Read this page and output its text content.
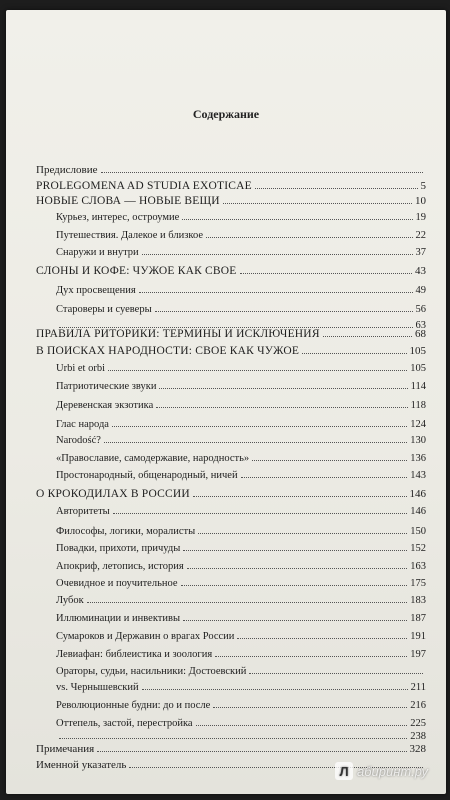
Содержание
Предисловие
PROLEGOMENA AD STUDIA EXOTICAE	5
НОВЫЕ СЛОВА — НОВЫЕ ВЕЩИ	10
Курьез, интерес, остроумие	19
Путешествия. Далекое и близкое	22
Снаружи и внутри	37
СЛОНЫ И КОФЕ: ЧУЖОЕ КАК СВОЕ	43
Дух просвещения	49
Староверы и суеверы	56
63
ПРАВИЛА РИТОРИКИ: ТЕРМИНЫ И ИСКЛЮЧЕНИЯ	68
В ПОИСКАХ НАРОДНОСТИ: СВОЕ КАК ЧУЖОЕ	105
Urbi et orbi	105
Патриотические звуки	114
Деревенская экзотика	118
Глас народа	124
Narodość?	130
«Православие, самодержавие, народность»	136
Простонародный, общенародный, ничей	143
О КРОКОДИЛАХ В РОССИИ	146
Авторитеты	146
Философы, логики, моралисты	150
Повадки, прихоти, причуды	152
Апокриф, летопись, история	163
Очевидное и поучительное	175
Лубок	183
Иллюминации и инвективы	187
Сумароков и Державин о врагах России	191
Левиафан: библеистика и зоология	197
Ораторы, судьи, насильники: Достоевский
vs. Чернышевский	211
Революционные будни: до и после	216
Оттепель, застой, перестройка	225
238
Примечания	328
Именной указатель	Л абиринт.ру
